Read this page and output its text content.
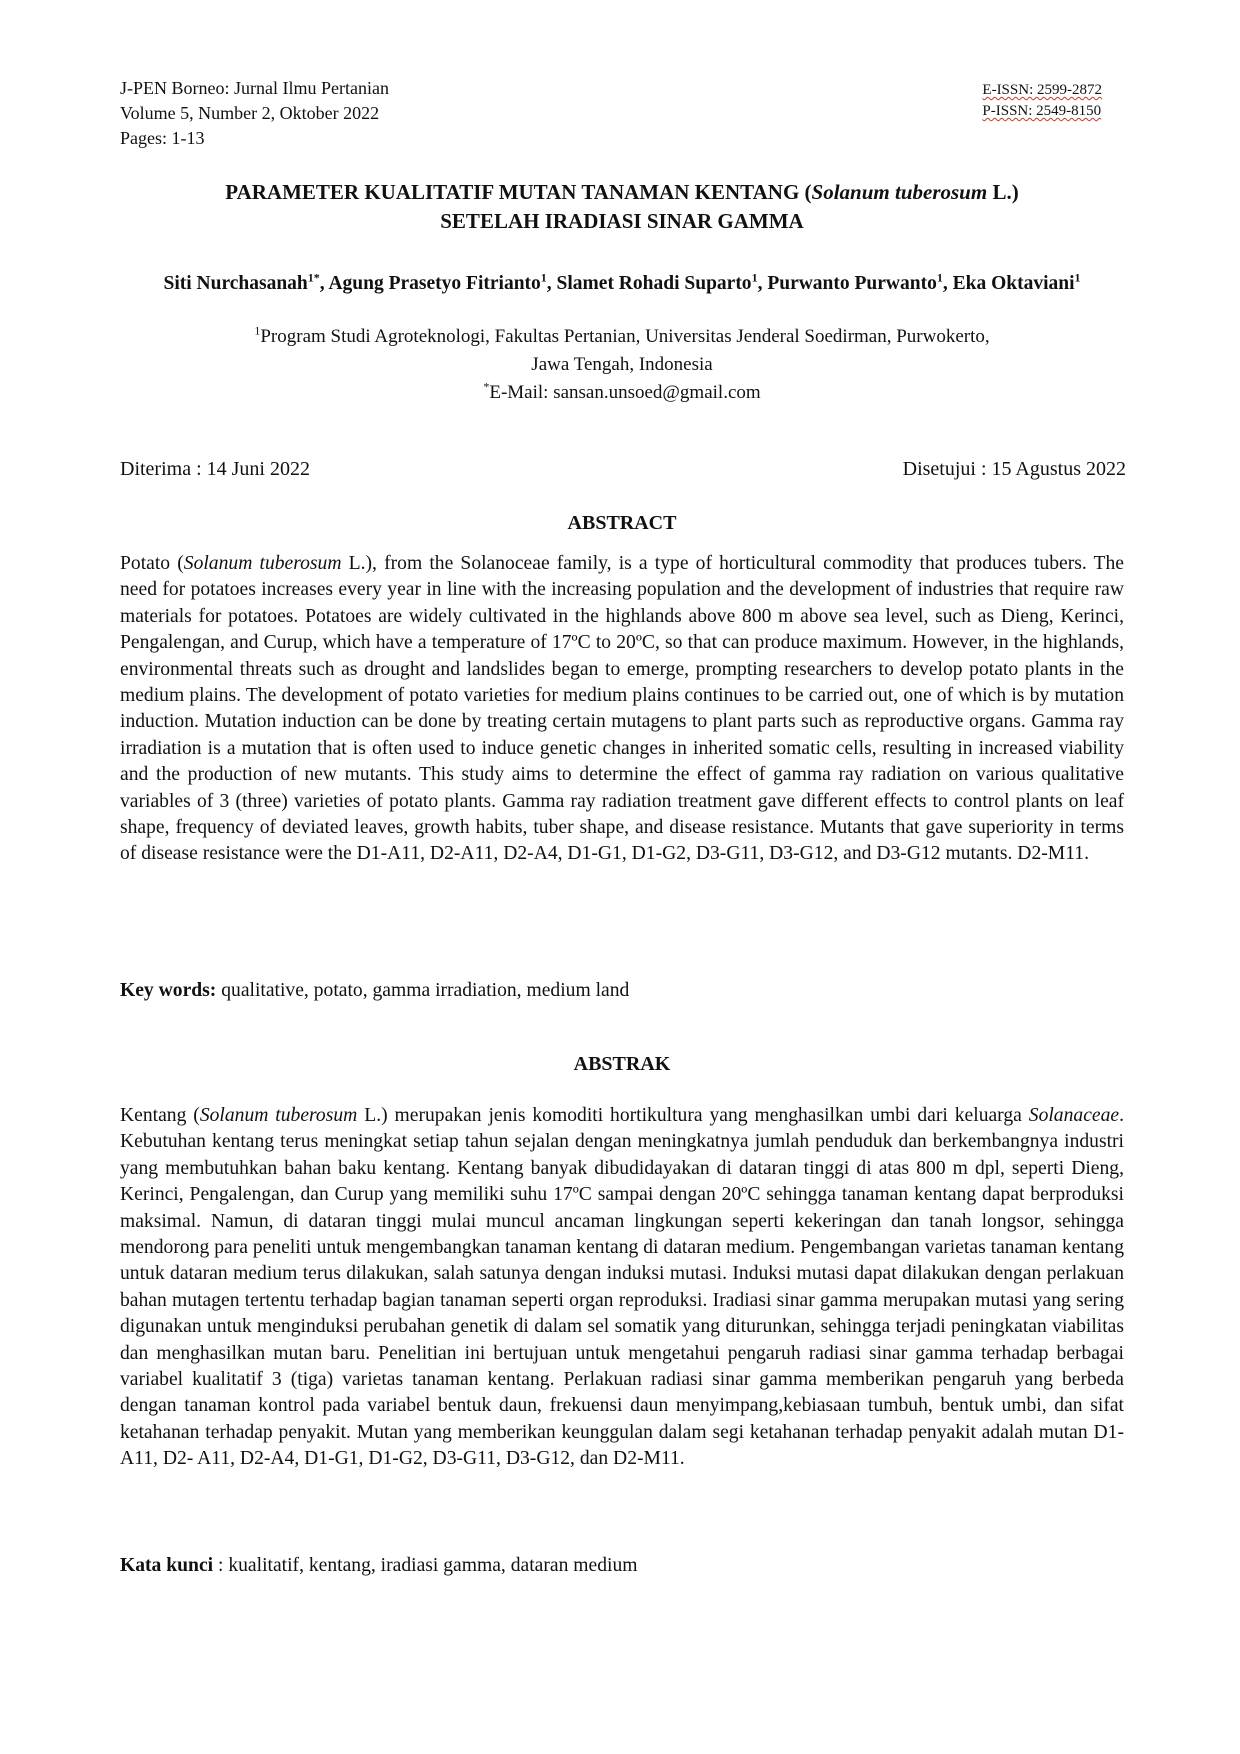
J-PEN Borneo: Jurnal Ilmu Pertanian
Volume 5, Number 2, Oktober 2022
Pages: 1-13
E-ISSN: 2599-2872
P-ISSN: 2549-8150
PARAMETER KUALITATIF MUTAN TANAMAN KENTANG (Solanum tuberosum L.)
SETELAH IRADIASI SINAR GAMMA
Siti Nurchasanah$^{1*}$, Agung Prasetyo Fitrianto$^1$, Slamet Rohadi Suparto$^1$, Purwanto Purwanto$^1$, Eka Oktaviani$^1$
$^1$Program Studi Agroteknologi, Fakultas Pertanian, Universitas Jenderal Soedirman, Purwokerto,
Jawa Tengah, Indonesia
*E-Mail: sansan.unsoed@gmail.com
Diterima : 14 Juni 2022	Disetujui : 15 Agustus 2022
ABSTRACT
Potato (Solanum tuberosum L.), from the Solanoceae family, is a type of horticultural commodity that produces tubers. The need for potatoes increases every year in line with the increasing population and the development of industries that require raw materials for potatoes. Potatoes are widely cultivated in the highlands above 800 m above sea level, such as Dieng, Kerinci, Pengalengan, and Curup, which have a temperature of 17ºC to 20ºC, so that can produce maximum. However, in the highlands, environmental threats such as drought and landslides began to emerge, prompting researchers to develop potato plants in the medium plains. The development of potato varieties for medium plains continues to be carried out, one of which is by mutation induction. Mutation induction can be done by treating certain mutagens to plant parts such as reproductive organs. Gamma ray irradiation is a mutation that is often used to induce genetic changes in inherited somatic cells, resulting in increased viability and the production of new mutants. This study aims to determine the effect of gamma ray radiation on various qualitative variables of 3 (three) varieties of potato plants. Gamma ray radiation treatment gave different effects to control plants on leaf shape, frequency of deviated leaves, growth habits, tuber shape, and disease resistance. Mutants that gave superiority in terms of disease resistance were the D1-A11, D2-A11, D2-A4, D1-G1, D1-G2, D3-G11, D3-G12, and D3-G12 mutants. D2-M11.
Key words: qualitative, potato, gamma irradiation, medium land
ABSTRAK
Kentang (Solanum tuberosum L.) merupakan jenis komoditi hortikultura yang menghasilkan umbi dari keluarga Solanaceae. Kebutuhan kentang terus meningkat setiap tahun sejalan dengan meningkatnya jumlah penduduk dan berkembangnya industri yang membutuhkan bahan baku kentang. Kentang banyak dibudidayakan di dataran tinggi di atas 800 m dpl, seperti Dieng, Kerinci, Pengalengan, dan Curup yang memiliki suhu 17ºC sampai dengan 20ºC sehingga tanaman kentang dapat berproduksi maksimal. Namun, di dataran tinggi mulai muncul ancaman lingkungan seperti kekeringan dan tanah longsor, sehingga mendorong para peneliti untuk mengembangkan tanaman kentang di dataran medium. Pengembangan varietas tanaman kentang untuk dataran medium terus dilakukan, salah satunya dengan induksi mutasi. Induksi mutasi dapat dilakukan dengan perlakuan bahan mutagen tertentu terhadap bagian tanaman seperti organ reproduksi. Iradiasi sinar gamma merupakan mutasi yang sering digunakan untuk menginduksi perubahan genetik di dalam sel somatik yang diturunkan, sehingga terjadi peningkatan viabilitas dan menghasilkan mutan baru. Penelitian ini bertujuan untuk mengetahui pengaruh radiasi sinar gamma terhadap berbagai variabel kualitatif 3 (tiga) varietas tanaman kentang. Perlakuan radiasi sinar gamma memberikan pengaruh yang berbeda dengan tanaman kontrol pada variabel bentuk daun, frekuensi daun menyimpang,kebiasaan tumbuh, bentuk umbi, dan sifat ketahanan terhadap penyakit. Mutan yang memberikan keunggulan dalam segi ketahanan terhadap penyakit adalah mutan D1-A11, D2- A11, D2-A4, D1-G1, D1-G2, D3-G11, D3-G12, dan D2-M11.
Kata kunci : kualitatif, kentang, iradiasi gamma, dataran medium
